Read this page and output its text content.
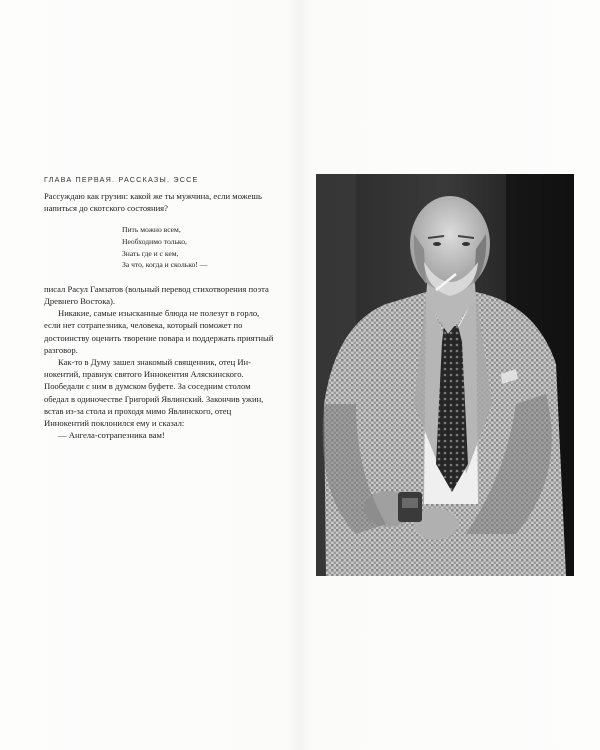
ГЛАВА ПЕРВАЯ. РАССКАЗЫ. ЭССЕ

Рассуждаю как грузин: какой же ты мужчина, если можешь напиться до скотского состояния?

Пить можно всем,
Необходимо только,
Знать где и с кем,
За что, когда и сколько! —

писал Расул Гамзатов (вольный перевод стихотворения поэта Древнего Востока).

Никакие, самые изысканные блюда не полезут в горло, если нет сотрапезника, человека, который поможет по достоинству оценить творение повара и поддержать приятный разговор.

Как-то в Думу зашел знакомый священник, отец Иннокентий, правнук святого Иннокентия Аляскинского. Пообедали с ним в думском буфете. За соседним столом обедал в одиночестве Григорий Явлинский. Закончив ужин, встав из-за стола и проходя мимо Явлинского, отец Иннокентий поклонился ему и сказал:

— Ангела-сотрапезника вам!
